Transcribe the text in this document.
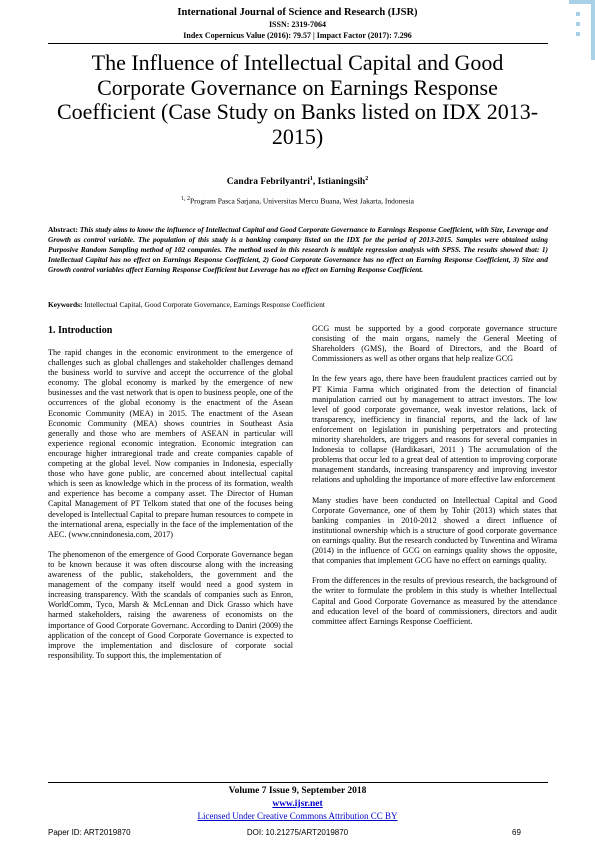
International Journal of Science and Research (IJSR)
ISSN: 2319-7064
Index Copernicus Value (2016): 79.57 | Impact Factor (2017): 7.296
The Influence of Intellectual Capital and Good Corporate Governance on Earnings Response Coefficient (Case Study on Banks listed on IDX 2013-2015)
Candra Febrilyantri$^1$, Istianingsih$^2$
$^{1, 2}$Program Pasca Sarjana, Universitas Mercu Buana, West Jakarta, Indonesia

Abstract: This study aims to know the influence of Intellectual Capital and Good Corporate Governance to Earnings Response Coefficient, with Size, Leverage and Growth as control variable. The population of this study is a banking company listed on the IDX for the period of 2013-2015. Samples were obtained using Purposive Random Sampling method of 102 companies. The method used in this research is multiple regression analysis with SPSS. The results showed that: 1) Intellectual Capital has no effect on Earnings Response Coefficient, 2) Good Corporate Governance has no effect on Earning Response Coefficient, 3) Size and Growth control variables affect Earning Response Coefficient but Leverage has no effect on Earning Response Coefficient.

Keywords: Intellectual Capital, Good Corporate Governance, Earnings Response Coefficient

1. Introduction

The rapid changes in the economic environment to the emergence of challenges such as global challenges and stakeholder challenges demand the business world to survive and accept the occurrence of the global economy. The global economy is marked by the emergence of new businesses and the vast network that is open to business people, one of the occurrences of the global economy is the enactment of the Asean Economic Community (MEA) in 2015. The enactment of the Asean Economic Community (MEA) shows countries in Southeast Asia generally and those who are members of ASEAN in particular will experience regional economic integration. Economic integration can encourage higher intraregional trade and create companies capable of competing at the global level. Now companies in Indonesia, especially those who have gone public, are concerned about intellectual capital which is seen as knowledge which in the process of its formation, wealth and experience has become a company asset. The Director of Human Capital Management of PT Telkom stated that one of the focuses being developed is Intellectual Capital to prepare human resources to compete in the international arena, especially in the face of the implementation of the AEC. (www.cnnindonesia.com, 2017)

The phenomenon of the emergence of Good Corporate Governance began to be known because it was often discourse along with the increasing awareness of the public, stakeholders, the government and the management of the company itself would need a good system in increasing transparency. With the scandals of companies such as Enron, WorldComm, Tyco, Marsh & McLennan and Dick Grasso which have harmed stakeholders, raising the awareness of economists on the importance of Good Corporate Governanc. According to Daniri (2009) the application of the concept of Good Corporate Governance is expected to improve the implementation and disclosure of corporate social responsibility. To support this, the implementation of

GCG must be supported by a good corporate governance structure consisting of the main organs, namely the General Meeting of Shareholders (GMS), the Board of Directors, and the Board of Commissioners as well as other organs that help realize GCG

In the few years ago, there have been fraudulent practices carried out by PT Kimia Farma which originated from the detection of financial manipulation carried out by management to attract investors. The low level of good corporate governance, weak investor relations, lack of transparency, inefficiency in financial reports, and the lack of law enforcement on legislation in punishing perpetrators and protecting minority shareholders, are triggers and reasons for several companies in Indonesia to collapse (Hardikasari, 2011 ) The accumulation of the problems that occur led to a great deal of attention to improving corporate management standards, increasing transparency and improving investor relations and upholding the importance of more effective law enforcement

Many studies have been conducted on Intellectual Capital and Good Corporate Governance, one of them by Tohir (2013) which states that banking companies in 2010-2012 showed a direct influence of institutional ownership which is a structure of good corporate governance on earnings quality. But the research conducted by Tuwentina and Wirama (2014) in the influence of GCG on earnings quality shows the opposite, that companies that implement GCG have no effect on earnings quality.

From the differences in the results of previous research, the background of the writer to formulate the problem in this study is whether Intellectual Capital and Good Corporate Governance as measured by the attendance and education level of the board of commissioners, directors and audit committee affect Earnings Response Coefficient.

Volume 7 Issue 9, September 2018
www.ijsr.net
Licensed Under Creative Commons Attribution CC BY
Paper ID: ART2019870	DOI: 10.21275/ART2019870	69
